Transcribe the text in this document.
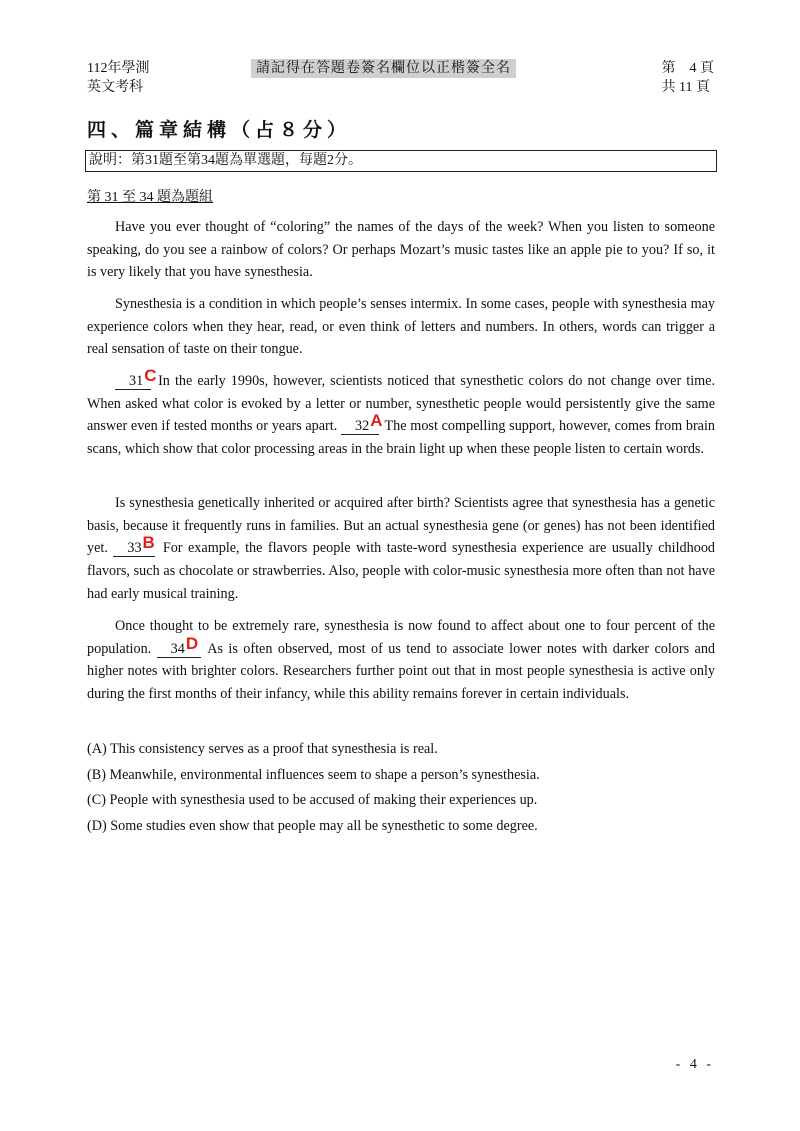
112年學測
英文考科
請記得在答題卷簽名欄位以正楷簽全名	第　4 頁
共 11 頁
四、篇章結構（占８分）
說明：第31題至第34題為單選題，每題2分。
第 31 至 34 題為題組

Have you ever thought of “coloring” the names of the days of the week? When you listen to someone speaking, do you see a rainbow of colors? Or perhaps Mozart’s music tastes like an apple pie to you? If so, it is very likely that you have synesthesia.

Synesthesia is a condition in which people’s senses intermix. In some cases, people with synesthesia may experience colors when they hear, read, or even think of letters and numbers. In others, words can trigger a real sensation of taste on their tongue.

31C In the early 1990s, however, scientists noticed that synesthetic colors do not change over time. When asked what color is evoked by a letter or number, synesthetic people would persistently give the same answer even if tested months or years apart. 32A The most compelling support, however, comes from brain scans, which show that color processing areas in the brain light up when these people listen to certain words.

Is synesthesia genetically inherited or acquired after birth? Scientists agree that synesthesia has a genetic basis, because it frequently runs in families. But an actual synesthesia gene (or genes) has not been identified yet. 33B For example, the flavors people with taste-word synesthesia experience are usually childhood flavors, such as chocolate or strawberries. Also, people with color-music synesthesia more often than not have had early musical training.

Once thought to be extremely rare, synesthesia is now found to affect about one to four percent of the population. 34D As is often observed, most of us tend to associate lower notes with darker colors and higher notes with brighter colors. Researchers further point out that in most people synesthesia is active only during the first months of their infancy, while this ability remains forever in certain individuals.

(A) This consistency serves as a proof that synesthesia is real.
(B) Meanwhile, environmental influences seem to shape a person’s synesthesia.
(C) People with synesthesia used to be accused of making their experiences up.
(D) Some studies even show that people may all be synesthetic to some degree.
- 4 -
